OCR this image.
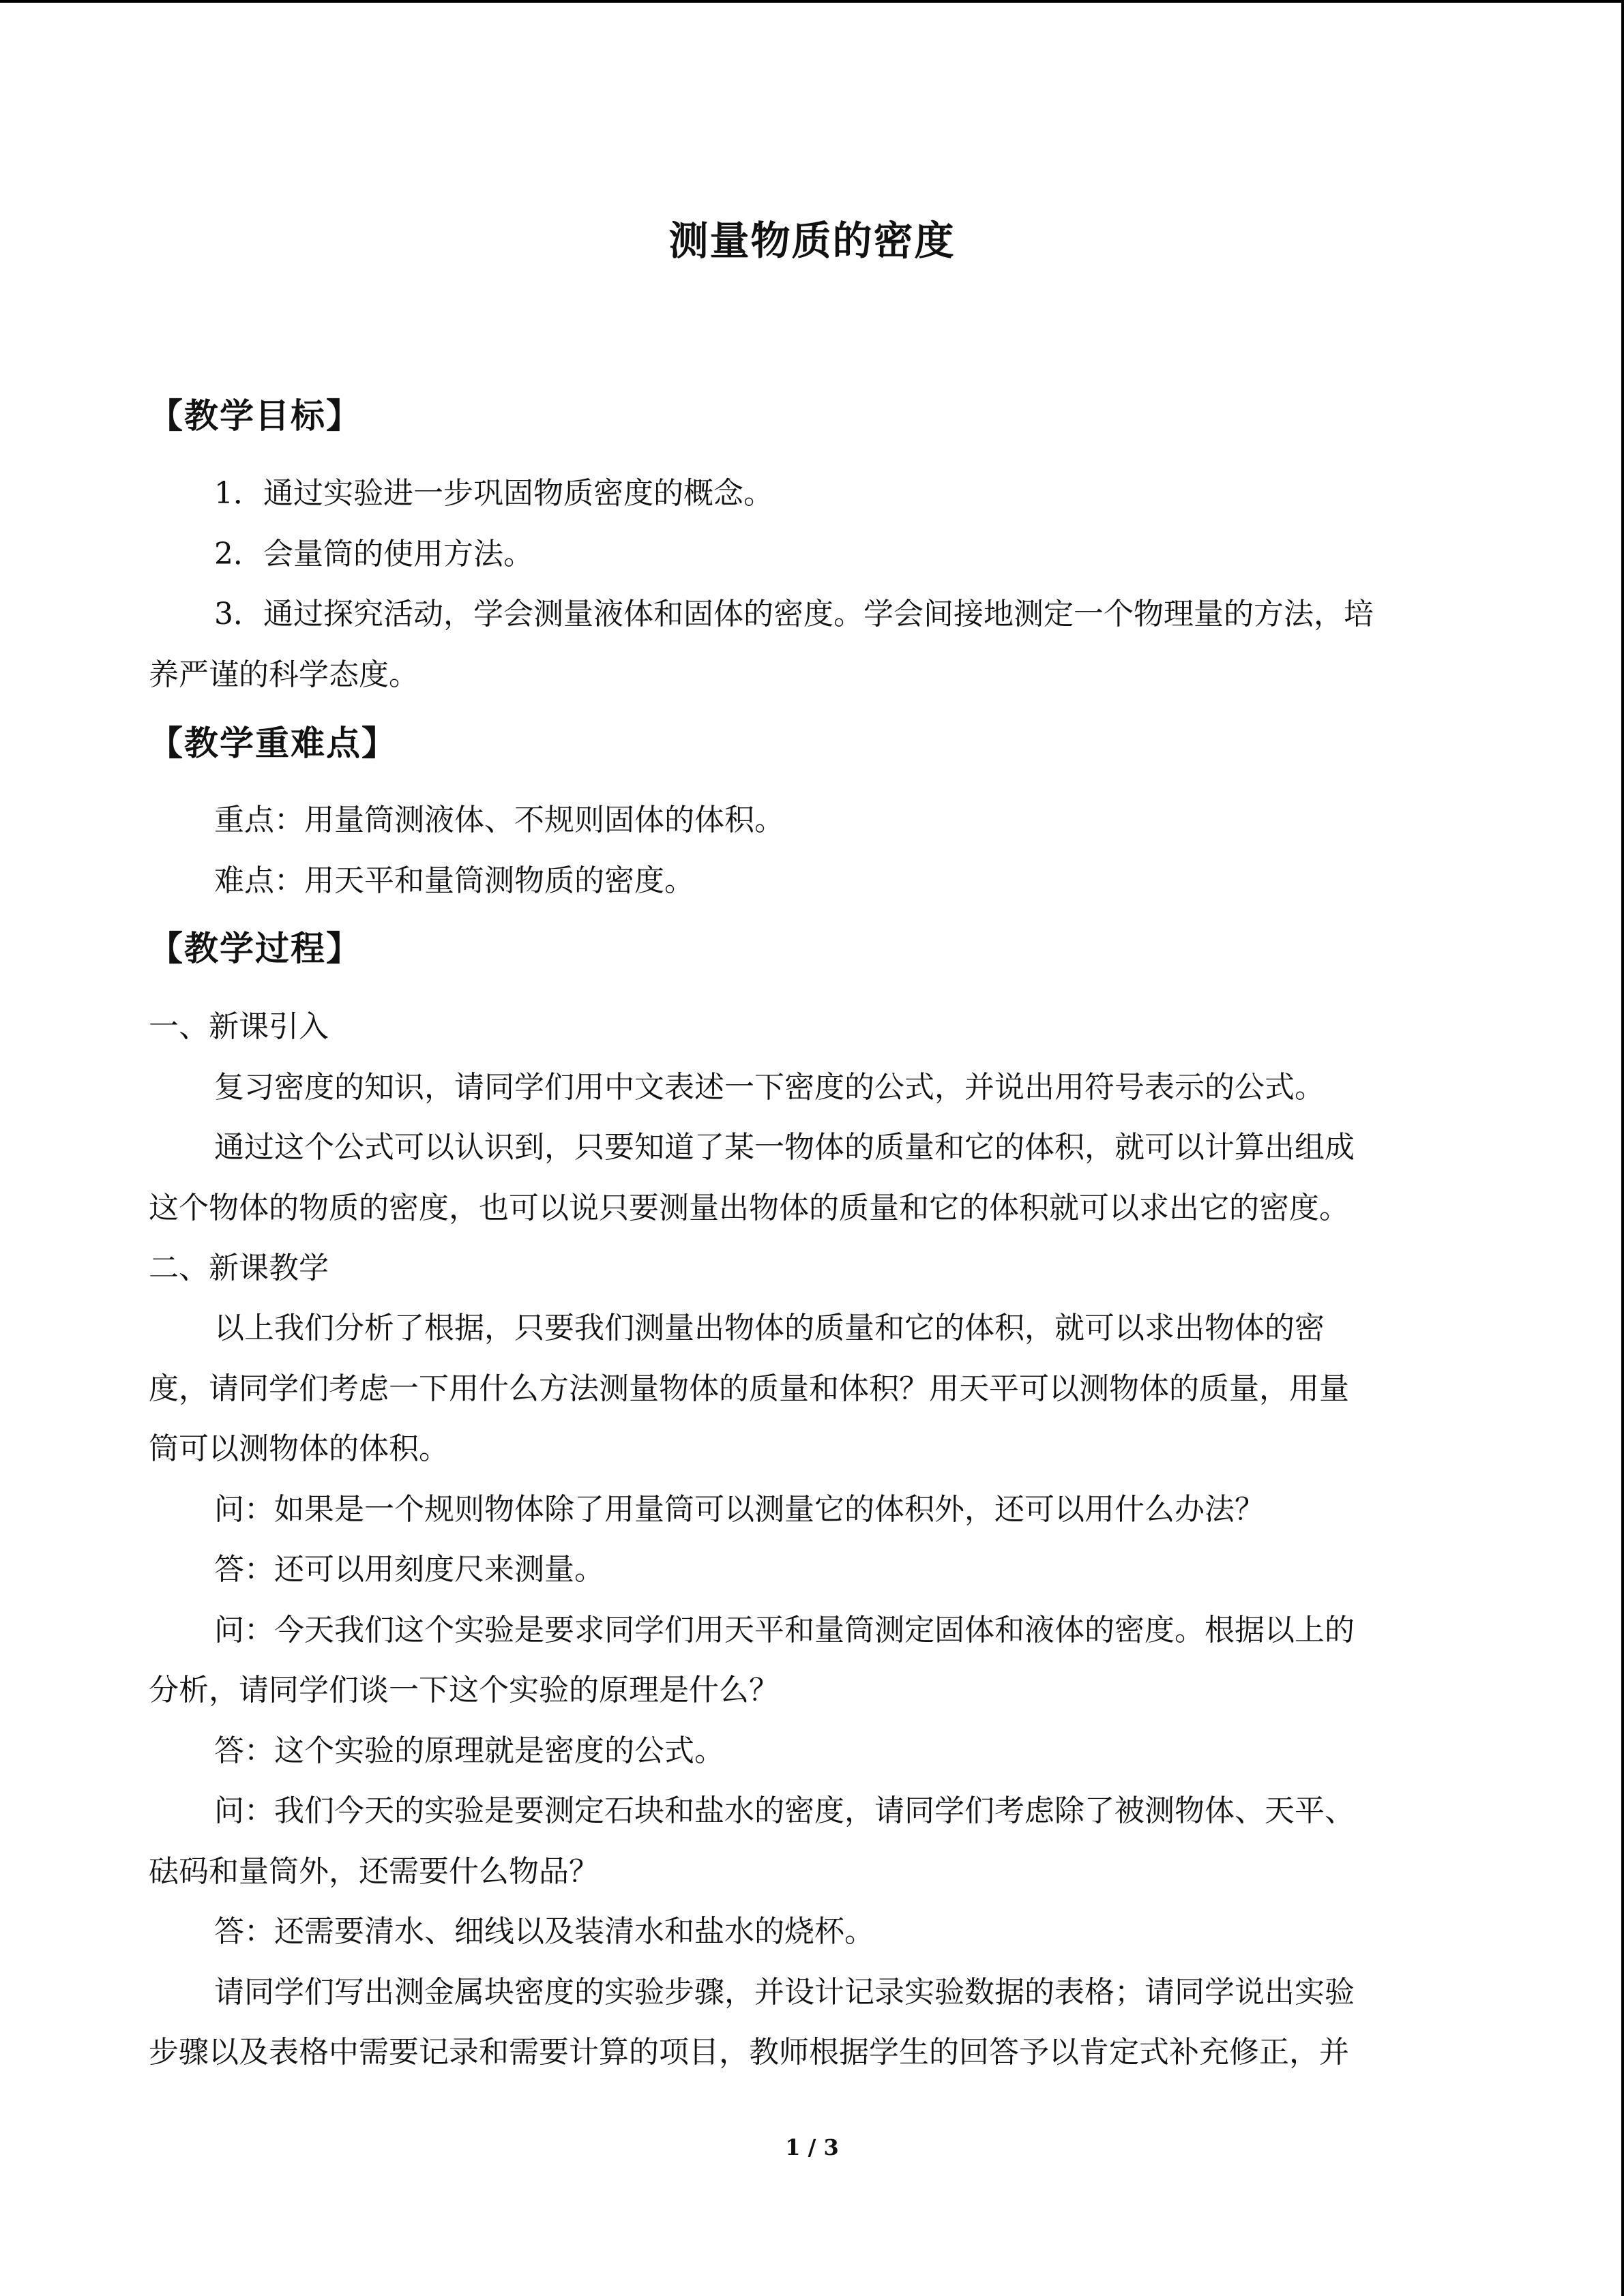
测量物质的密度
【教学目标】
1．通过实验进一步巩固物质密度的概念。
2．会量筒的使用方法。
3．通过探究活动，学会测量液体和固体的密度。学会间接地测定一个物理量的方法，培
养严谨的科学态度。
【教学重难点】
重点：用量筒测液体、不规则固体的体积。
难点：用天平和量筒测物质的密度。
【教学过程】
一、新课引入
复习密度的知识，请同学们用中文表述一下密度的公式，并说出用符号表示的公式。
通过这个公式可以认识到，只要知道了某一物体的质量和它的体积，就可以计算出组成
这个物体的物质的密度，也可以说只要测量出物体的质量和它的体积就可以求出它的密度。
二、新课教学
以上我们分析了根据，只要我们测量出物体的质量和它的体积，就可以求出物体的密
度，请同学们考虑一下用什么方法测量物体的质量和体积？用天平可以测物体的质量，用量
筒可以测物体的体积。
问：如果是一个规则物体除了用量筒可以测量它的体积外，还可以用什么办法？
答：还可以用刻度尺来测量。
问：今天我们这个实验是要求同学们用天平和量筒测定固体和液体的密度。根据以上的
分析，请同学们谈一下这个实验的原理是什么？
答：这个实验的原理就是密度的公式。
问：我们今天的实验是要测定石块和盐水的密度，请同学们考虑除了被测物体、天平、
砝码和量筒外，还需要什么物品？
答：还需要清水、细线以及装清水和盐水的烧杯。
请同学们写出测金属块密度的实验步骤，并设计记录实验数据的表格；请同学说出实验
步骤以及表格中需要记录和需要计算的项目，教师根据学生的回答予以肯定式补充修正，并
1 / 3
